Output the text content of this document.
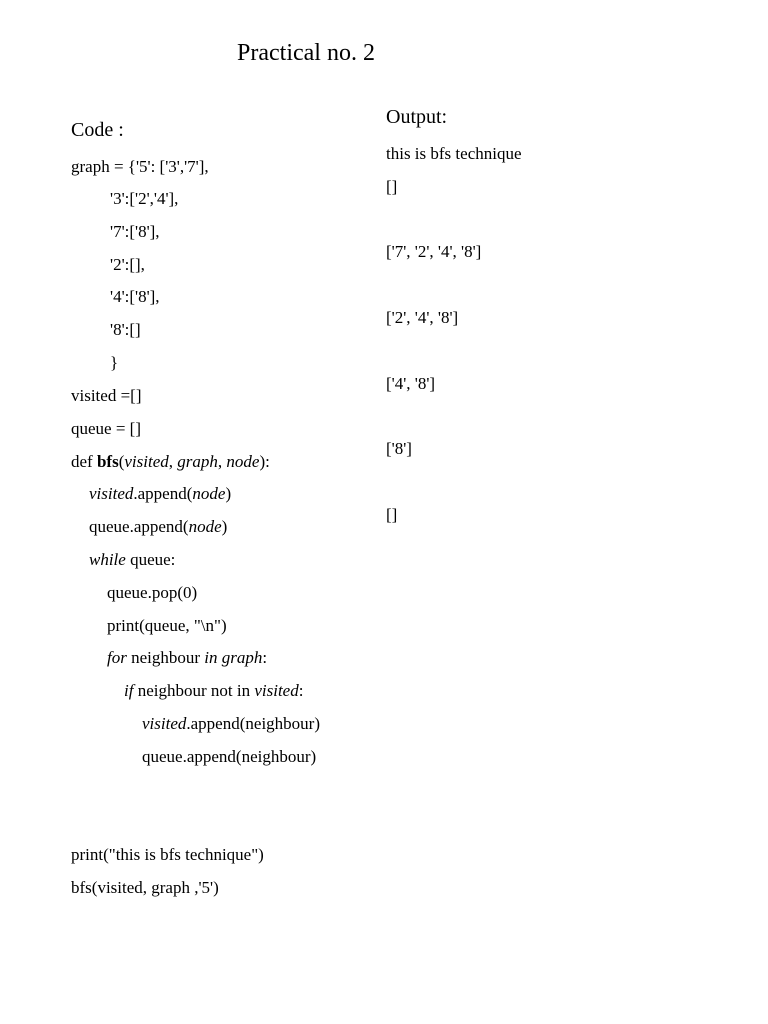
Practical no. 2
Code :
Output:
graph = {'5': ['3','7'],
'3':['2','4'],
'7':['8'],
'2':[],
'4':['8'],
'8':[]
}
visited =[]
queue = []
def bfs(visited, graph, node):
visited.append(node)
queue.append(node)
while queue:
queue.pop(0)
print(queue, "\n")
for neighbour in graph:
if neighbour not in visited:
visited.append(neighbour)
queue.append(neighbour)
print("this is bfs technique")
bfs(visited, graph ,'5')
this is bfs technique
[]
['7', '2', '4', '8']
['2', '4', '8']
['4', '8']
['8']
[]
